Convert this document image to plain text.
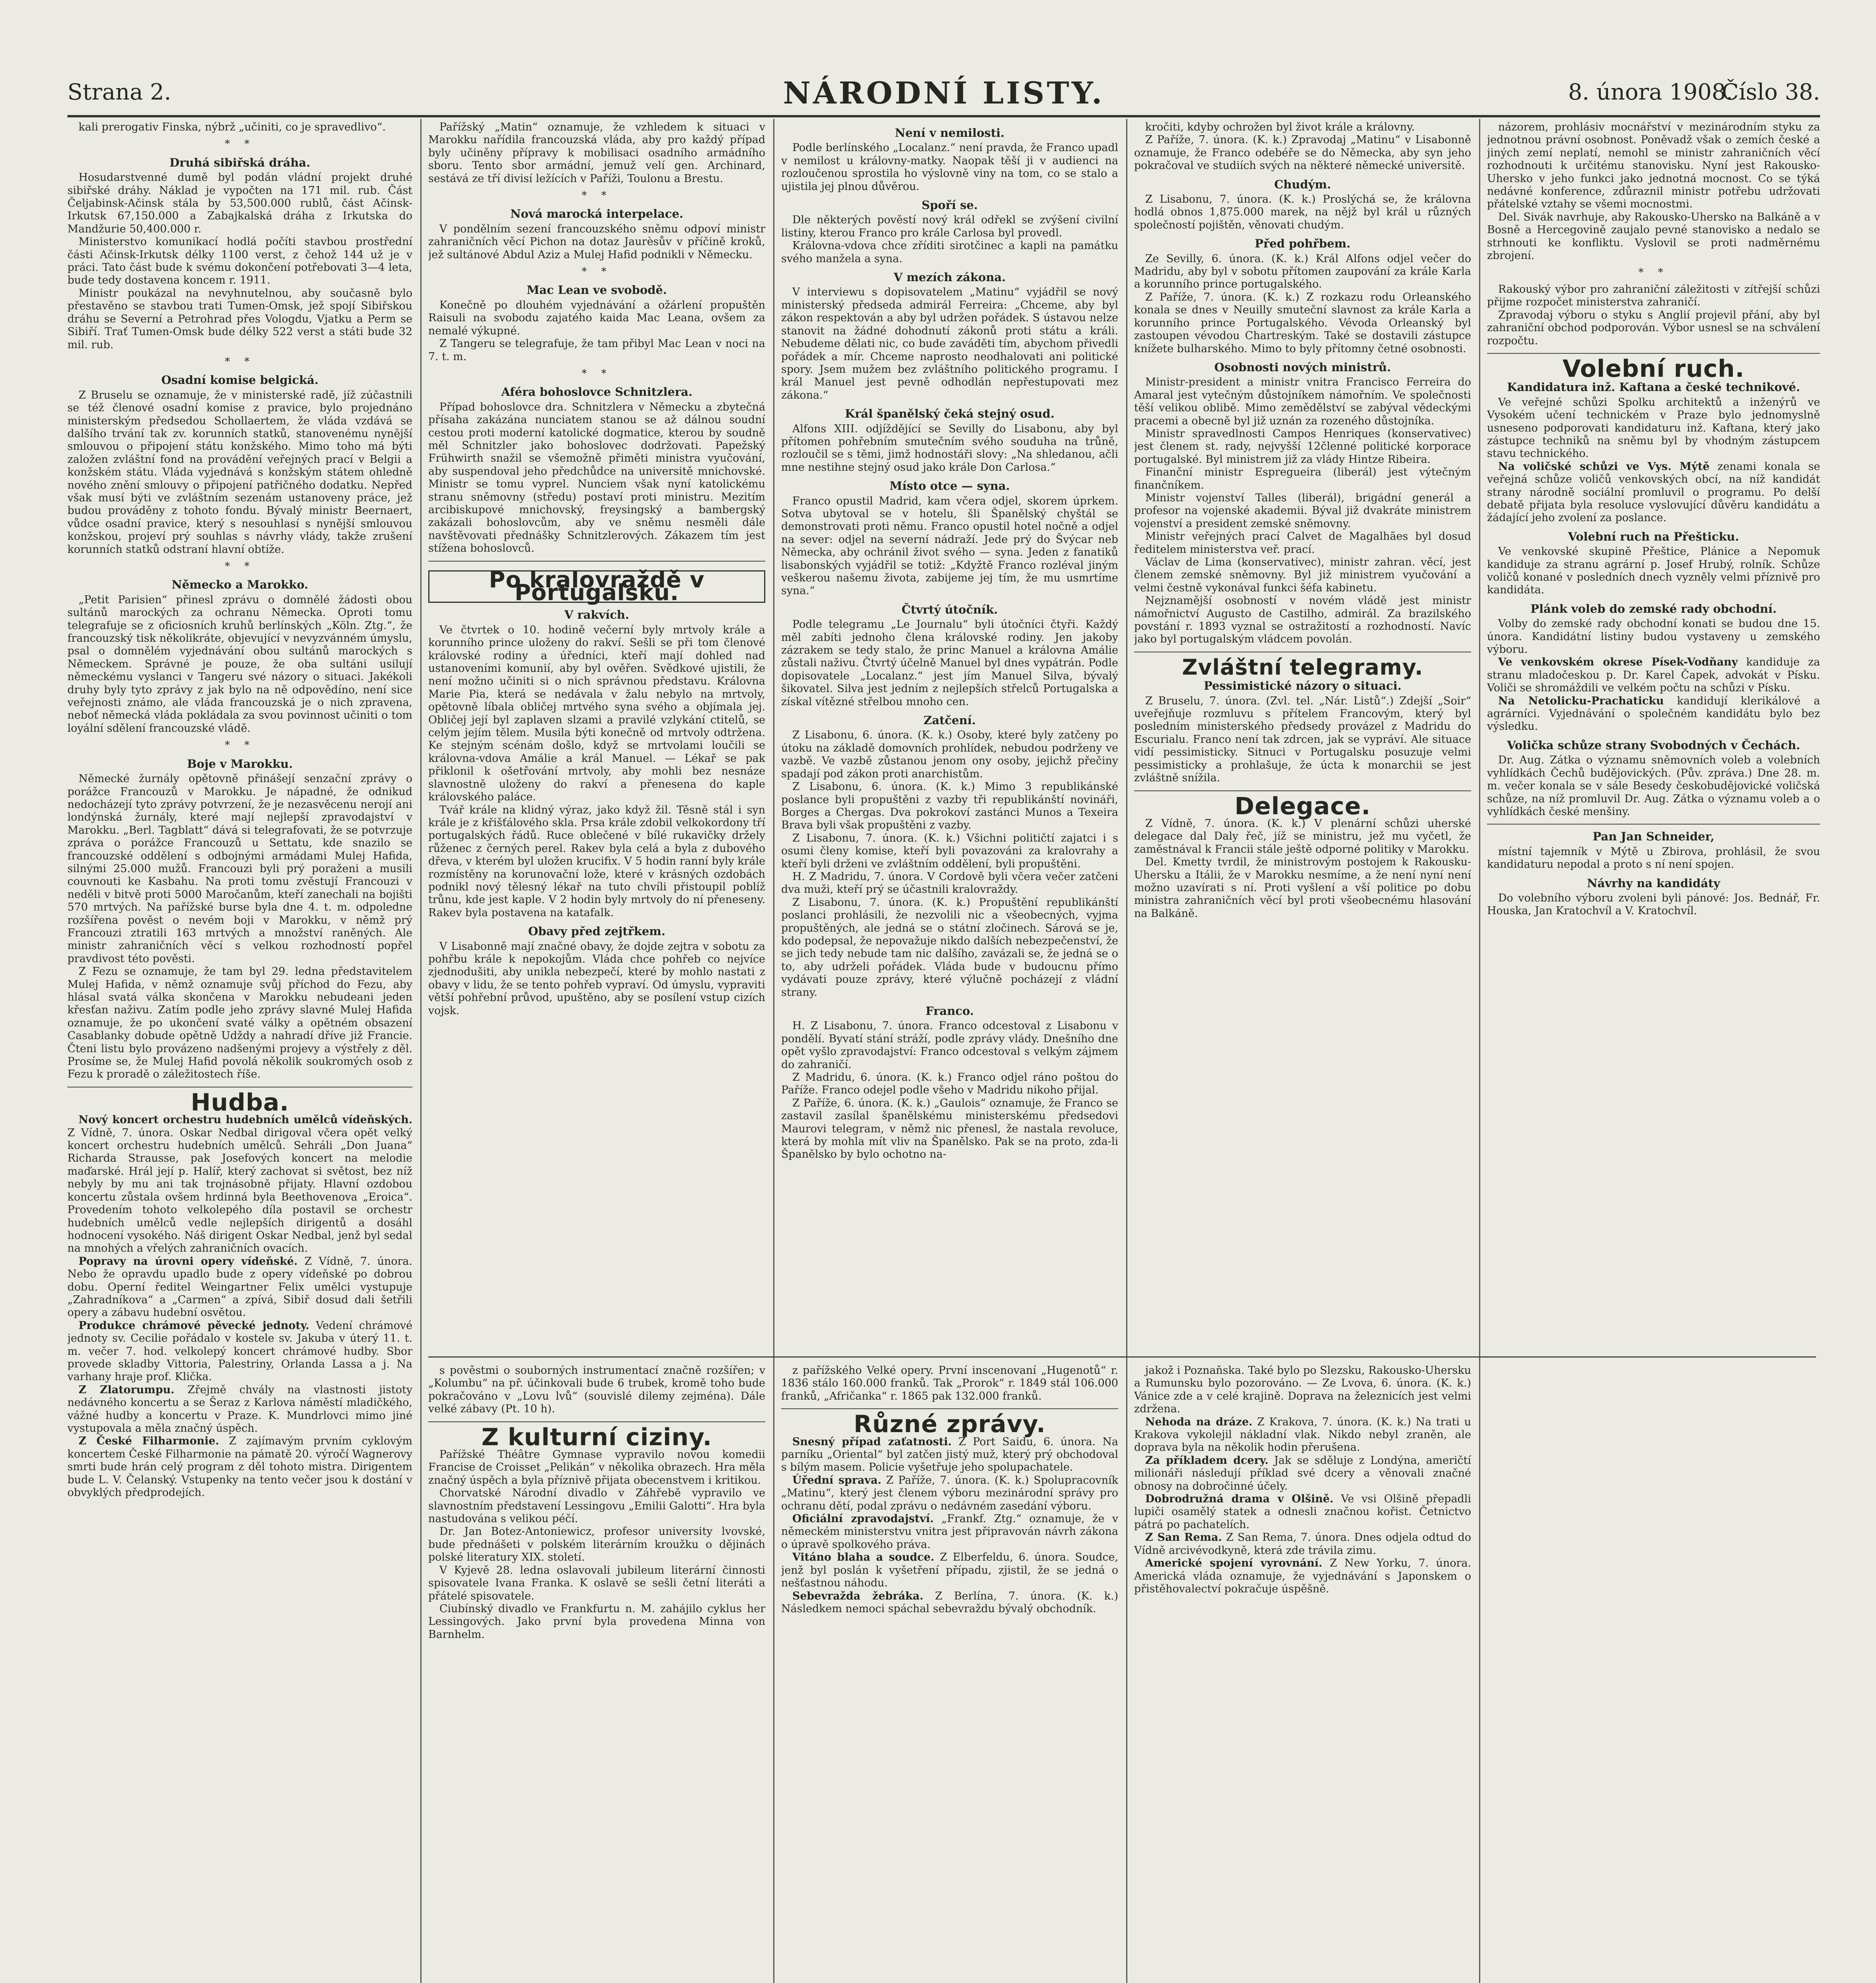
Strana 2.	NÁRODNÍ LISTY.	8. února 1908.
Číslo 38.

kali prerogativ Finska, nýbrž „učiniti, co je spravedlivo“.

* *
Druhá sibiřská dráha.

Hosudarstvenné dumě byl podán vládní projekt druhé sibiřské dráhy. Náklad je vypočten na 171 mil. rub. Část Čeljabinsk-Ačinsk stála by 53,500.000 rublů, část Ačinsk-Irkutsk 67,150.000 a Zabajkalská dráha z Irkutska do Mandžurie 50,400.000 r.

Ministerstvo komunikací hodlá počíti stavbou prostřední části Ačinsk-Irkutsk délky 1100 verst, z čehož 144 už je v práci. Tato část bude k svému dokončení potřebovati 3—4 leta, bude tedy dostavena koncem r. 1911.

Ministr poukázal na nevyhnutelnou, aby současně bylo přestavěno se stavbou trati Tumen-Omsk, jež spojí Sibiřskou dráhu se Severní a Petrohrad přes Vologdu, Vjatku a Perm se Sibiří. Trať Tumen-Omsk bude délky 522 verst a státi bude 32 mil. rub.

* *
Osadní komise belgická.

Z Bruselu se oznamuje, že v ministerské radě, jíž zúčastnili se též členové osadní komise z pravice, bylo projednáno ministerským předsedou Schollaertem, že vláda vzdává se dalšího trvání tak zv. korunních statků, stanovenému nynější smlouvou o připojení státu konžského. Mimo toho má býti založen zvláštní fond na provádění veřejných prací v Belgii a konžském státu. Vláda vyjednává s konžským státem ohledně nového znění smlouvy o připojení patřičného dodatku. Nepřed však musí býti ve zvláštním sezenám ustanoveny práce, jež budou prováděny z tohoto fondu. Bývalý ministr Beernaert, vůdce osadní pravice, který s nesouhlasí s nynější smlouvou konžskou, projeví prý souhlas s návrhy vlády, takže zrušení korunních statků odstraní hlavní obtíže.

* *
Německo a Marokko.

„Petit Parisien“ přinesl zprávu o domnělé žádosti obou sultánů marockých za ochranu Německa. Oproti tomu telegrafuje se z oficiosních kruhů berlínských „Köln. Ztg.“, že francouzský tisk několikráte, objevující v nevyzvánném úmyslu, psal o domnělém vyjednávání obou sultánů marockých s Německem. Správné je pouze, že oba sultáni usilují německému vyslanci v Tangeru své názory o situaci. Jakékoli druhy byly tyto zprávy z jak bylo na ně odpovědíno, není sice veřejnosti známo, ale vláda francouzská je o nich zpravena, neboť německá vláda pokládala za svou povinnost učiniti o tom loyální sdělení francouzské vládě.

* *
Boje v Marokku.

Německé žurnály opětovně přinášejí senzační zprávy o porážce Francouzů v Marokku. Je nápadné, že odnikud nedocházejí tyto zprávy potvrzení, že je nezasvěcenu nerojí ani londýnská žurnály, které mají nejlepší zpravodajství v Marokku. „Berl. Tagblatt“ dává si telegrafovati, že se potvrzuje zpráva o porážce Francouzů u Settatu, kde snazilo se francouzské oddělení s odbojnými armádami Mulej Hafida, silnými 25.000 mužů. Francouzi byli prý poraženi a musili couvnouti ke Kasbahu. Na proti tomu zvěstují Francouzi v neděli v bitvě proti 5000 Maročanům, kteří zanechali na bojišti 570 mrtvých. Na pařížské burse byla dne 4. t. m. odpoledne rozšířena pověst o nevém boji v Marokku, v němž prý Francouzi ztratili 163 mrtvých a množství raněných. Ale ministr zahraničních věcí s velkou rozhodností popřel pravdivost této pověsti.

Z Fezu se oznamuje, že tam byl 29. ledna představitelem Mulej Hafida, v němž oznamuje svůj příchod do Fezu, aby hlásal svatá válka skončena v Marokku nebudeani jeden křesťan naživu. Zatím podle jeho zprávy slavné Mulej Hafida oznamuje, že po ukončení svaté války a opětném obsazení Casablanky dobude opětně Udždy a nahradí dříve již Francie. Čteni listu bylo provázeno nadšenými projevy a výstřely z děl. Prosíme se, že Mulej Hafid povolá několik soukromých osob z Fezu k proradě o záležitostech říše.

Hudba.

Nový koncert orchestru hudebních umělců vídeňských. Z Vídně, 7. února. Oskar Nedbal dirigoval včera opět velký koncert orchestru hudebních umělců. Sehráli „Don Juana“ Richarda Strausse, pak Josefových koncert na melodie maďarské. Hrál její p. Halíř, který zachovat si světost, bez níž nebyly by mu ani tak trojnásobně přijaty. Hlavní ozdobou koncertu zůstala ovšem hrdinná byla Beethovenova „Eroica“. Provedením tohoto velkolepého díla postavil se orchestr hudebních umělců vedle nejlepších dirigentů a dosáhl hodnocení vysokého. Náš dirigent Oskar Nedbal, jenž byl sedal na mnohých a vřelých zahraničních ovacích.

Popravy na úrovni opery vídeňské. Z Vídně, 7. února. Nebo že opravdu upadlo bude z opery vídeňské po dobrou dobu. Operní ředitel Weingartner Felix umělci vystupuje „Zahradníkova“ a „Carmen“ a zpívá, Sibiř dosud dali šetřili opery a zábavu hudební osvětou.

Produkce chrámové pěvecké jednoty. Vedení chrámové jednoty sv. Cecilie pořádalo v kostele sv. Jakuba v úterý 11. t. m. večer 7. hod. velkolepý koncert chrámové hudby. Sbor provede skladby Vittoria, Palestriny, Orlanda Lassa a j. Na varhany hraje prof. Klička.

Z Zlatorumpu. Zřejmě chvály na vlastnosti jistoty nedávného koncertu a se Šeraz z Karlova náměstí mladičkého, vážné hudby a koncertu v Praze. K. Mundrlovci mimo jiné vystupovala a měla značný úspěch.

Z České Filharmonie. Z zajímavým prvním cyklovým koncertem České Filharmonie na pámatě 20. výročí Wagnerovy smrti bude hrán celý program z děl tohoto mistra. Dirigentem bude L. V. Čelanský. Vstupenky na tento večer jsou k dostání v obvyklých předprodejích.

Pařížský „Matin“ oznamuje, že vzhledem k situaci v Marokku nařídila francouzská vláda, aby pro každý případ byly učiněny přípravy k mobilisaci osadního armádního sboru. Tento sbor armádní, jemuž velí gen. Archinard, sestává ze tří divisí ležících v Paříži, Toulonu a Brestu.

* *
Nová marocká interpelace.

V pondělním sezení francouzského sněmu odpoví ministr zahraničních věcí Pichon na dotaz Jaurèsův v příčině kroků, jež sultánové Abdul Aziz a Mulej Hafid podnikli v Německu.

* *
Mac Lean ve svobodě.

Konečně po dlouhém vyjednávání a ožárlení propuštěn Raisuli na svobodu zajatého kaida Mac Leana, ovšem za nemalé výkupné.

Z Tangeru se telegrafuje, že tam přibyl Mac Lean v noci na 7. t. m.

* *
Aféra bohoslovce Schnitzlera.

Případ bohoslovce dra. Schnitzlera v Německu a zbytečná přísaha zakázána nunciatem stanou se až dálnou soudní cestou proti moderní katolické dogmatice, kterou by soudně měl Schnitzler jako bohoslovec dodržovati. Papežský Frühwirth snažil se všemožně přiměti ministra vyučování, aby suspendoval jeho předchůdce na universitě mnichovské. Ministr se tomu vyprel. Nunciem však nyní katolickému stranu sněmovny (středu) postaví proti ministru. Mezitím arcibiskupové mnichovský, freysingský a bambergský zakázali bohoslovcům, aby ve sněmu nesměli dále navštěvovati přednášky Schnitzlerových. Zákazem tím jest stížena bohoslovců.

Po kralovraždě v Portugalsku.
V rakvích.

Ve čtvrtek o 10. hodině večerní byly mrtvoly krále a korunního prince uloženy do rakví. Sešli se při tom členové královské rodiny a úředníci, kteří mají dohled nad ustanoveními komunií, aby byl ověřen. Svědkové ujistili, že není možno učiniti si o nich správnou představu. Královna Marie Pia, která se nedávala v žalu nebylo na mrtvoly, opětovně líbala obličej mrtvého syna svého a objímala jej. Obličej její byl zaplaven slzami a pravilé vzlykání ctitelů, se celým jejím tělem. Musila býti konečně od mrtvoly odtržena. Ke stejným scénám došlo, když se mrtvolami loučili se královna-vdova Amálie a král Manuel. — Lékař se pak přiklonil k ošetřování mrtvoly, aby mohli bez nesnáze slavnostně uloženy do rakví a přenesena do kaple královského paláce.

Tvář krále na klidný výraz, jako když žil. Těsně stál i syn krále je z křišťálového skla. Prsa krále zdobil velkokordony tří portugalských řádů. Ruce oblečené v bílé rukavičky držely růženec z černých perel. Rakev byla celá a byla z dubového dřeva, v kterém byl uložen krucifix. V 5 hodin ranní byly krále rozmístěny na korunovační lože, které v krásných ozdobách podnikl nový tělesný lékař na tuto chvíli přistoupil poblíž trůnu, kde jest kaple. V 2 hodin byly mrtvoly do ní přeneseny. Rakev byla postavena na katafalk.

Obavy před zejtřkem.

V Lisabonně mají značné obavy, že dojde zejtra v sobotu za pohřbu krále k nepokojům. Vláda chce pohřeb co nejvíce zjednodušiti, aby unikla nebezpečí, které by mohlo nastati z obavy v lidu, že se tento pohřeb vypraví. Od úmyslu, vypraviti větší pohřební průvod, upuštěno, aby se posílení vstup cizích vojsk.

Není v nemilosti.

Podle berlínského „Localanz.“ není pravda, že Franco upadl v nemilost u královny-matky. Naopak těší ji v audienci na rozloučenou sprostila ho výslovně viny na tom, co se stalo a ujistila jej plnou důvěrou.

Spoří se.

Dle některých pověstí nový král odřekl se zvýšení civilní listiny, kterou Franco pro krále Carlosa byl provedl.

Královna-vdova chce zříditi sirotčinec a kapli na památku svého manžela a syna.

V mezích zákona.

V interviewu s dopisovatelem „Matinu“ vyjádřil se nový ministerský předseda admirál Ferreira: „Chceme, aby byl zákon respektován a aby byl udržen pořádek. S ústavou nelze stanovit na žádné dohodnutí zákonů proti státu a králi. Nebudeme dělati nic, co bude zaváděti tím, abychom přivedli pořádek a mír. Chceme naprosto neodhalovati ani politické spory. Jsem mužem bez zvláštního politického programu. I král Manuel jest pevně odhodlán nepřestupovati mez zákona.“

Král španělský čeká stejný osud.

Alfons XIII. odjíždějící se Sevilly do Lisabonu, aby byl přítomen pohřebním smutečním svého souduha na trůně, rozloučil se s těmi, jimž hodnostáři slovy: „Na shledanou, ačli mne nestihne stejný osud jako krále Don Carlosa.“

Místo otce — syna.

Franco opustil Madrid, kam včera odjel, skorem úprkem. Sotva ubytoval se v hotelu, šli Španělský chyštál se demonstrovati proti němu. Franco opustil hotel nočně a odjel na sever: odjel na severní nádraží. Jede prý do Švýcar neb Německa, aby ochránil život svého — syna. Jeden z fanatiků lisabonských vyjádřil se totiž: „Kdyžtě Franco rozléval jiným veškerou našemu života, zabijeme jej tím, že mu usmrtíme syna.“

Čtvrtý útočník.

Podle telegramu „Le Journalu“ byli útočníci čtyři. Každý měl zabíti jednoho člena královské rodiny. Jen jakoby zázrakem se tedy stalo, že princ Manuel a královna Amálie zůstali naživu. Čtvrtý účelně Manuel byl dnes vypátrán. Podle dopisovatele „Localanz.“ jest jím Manuel Silva, bývalý šikovatel. Silva jest jedním z nejlepších střelců Portugalska a získal vítězné střelbou mnoho cen.

Zatčení.

Z Lisabonu, 6. února. (K. k.) Osoby, které byly zatčeny po útoku na základě domovních prohlídek, nebudou podrženy ve vazbě. Ve vazbě zůstanou jenom ony osoby, jejichž přečiny spadají pod zákon proti anarchistům.

Z Lisabonu, 6. února. (K. k.) Mimo 3 republikánské poslance byli propuštěni z vazby tři republikánští novináři, Borges a Chergas. Dva pokrokoví zastánci Munos a Texeira Brava byli však propuštěni z vazby.

Z Lisabonu, 7. února. (K. k.) Všichni političtí zajatci i s osumi členy komise, kteří byli povazováni za kralovrahy a kteří byli drženi ve zvláštním oddělení, byli propuštěni.

H. Z Madridu, 7. února. V Cordově byli včera večer zatčeni dva muži, kteří prý se účastnili kralovraždy.

Z Lisabonu, 7. února. (K. k.) Propuštění republikánští poslanci prohlásili, že nezvolili nic a všeobecných, vyjma propuštěných, ale jedná se o státní zločinech. Sárová se je, kdo podepsal, že nepovažuje nikdo dalších nebezpečenství, že se jich tedy nebude tam nic dalšího, zavázali se, že jedná se o to, aby udrželi pořádek. Vláda bude v budoucnu přímo vydávati pouze zprávy, které výlučně pocházejí z vládní strany.

Franco.

H. Z Lisabonu, 7. února. Franco odcestoval z Lisabonu v pondělí. Byvatí stání stráží, podle zprávy vlády. Dnešního dne opět vyšlo zpravodajství: Franco odcestoval s velkým zájmem do zahraničí.

Z Madridu, 6. února. (K. k.) Franco odjel ráno poštou do Paříže. Franco odejel podle všeho v Madridu nikoho přijal.

Z Paříže, 6. února. (K. k.) „Gaulois“ oznamuje, že Franco se zastavil zasílal španělskému ministerskému předsedovi Maurovi telegram, v němž nic přenesl, že nastala revoluce, která by mohla mít vliv na Španělsko. Pak se na proto, zda-li Španělsko by bylo ochotno na-

kročiti, kdyby ochrožen byl život krále a královny.

Z Paříže, 7. února. (K. k.) Zpravodaj „Matinu“ v Lisabonně oznamuje, že Franco odebéře se do Německa, aby syn jeho pokračoval ve studiích svých na některé německé universitě.

Chudým.

Z Lisabonu, 7. února. (K. k.) Proslýchá se, že královna hodlá obnos 1,875.000 marek, na nějž byl král u různých společností pojištěn, věnovati chudým.

Před pohřbem.

Ze Sevilly, 6. února. (K. k.) Král Alfons odjel večer do Madridu, aby byl v sobotu přítomen zaupování za krále Karla a korunního prince portugalského.

Z Paříže, 7. února. (K. k.) Z rozkazu rodu Orleanského konala se dnes v Neuilly smuteční slavnost za krále Karla a korunního prince Portugalského. Vévoda Orleanský byl zastoupen vévodou Chartreským. Také se dostavili zástupce knížete bulharského. Mimo to byly přítomny četné osobnosti.

Osobnosti nových ministrů.

Ministr-president a ministr vnitra Francisco Ferreira do Amaral jest vytečným důstojníkem námořním. Ve společnosti těší velikou oblibě. Mimo zemědělství se zabýval vědeckými pracemi a obecně byl již uznán za rozeného důstojníka.

Ministr spravedlnosti Campos Henriques (konservativec) jest členem st. rady, nejvyšší 12členné politické korporace portugalské. Byl ministrem již za vlády Hintze Ribeira.

Finanční ministr Espregueira (liberál) jest výtečným finančníkem.

Ministr vojenství Talles (liberál), brigádní generál a profesor na vojenské akademii. Býval již dvakráte ministrem vojenství a president zemské sněmovny.

Ministr veřejných prací Calvet de Magalhães byl dosud ředitelem ministerstva veř. prací.

Václav de Lima (konservativec), ministr zahran. věcí, jest členem zemské sněmovny. Byl již ministrem vyučování a velmi čestně vykonával funkci šéfa kabinetu.

Nejznamější osobností v novém vládě jest ministr námořnictví Augusto de Castilho, admirál. Za brazilského povstání r. 1893 vyznal se ostražitostí a rozhodností. Navíc jako byl portugalským vládcem povolán.

Zvláštní telegramy.
Pessimistické názory o situaci.

Z Bruselu, 7. února. (Zvl. tel. „Nár. Listů“.) Zdejší „Soir“ uveřejňuje rozmluvu s přítelem Francovým, který byl posledním ministerského předsedy provázel z Madridu do Escurialu. Franco není tak zdrcen, jak se vypráví. Ale situace vidí pessimisticky. Sitnuci v Portugalsku posuzuje velmi pessimisticky a prohlašuje, že úcta k monarchii se jest zvláštně snížila.

Delegace.

Z Vídně, 7. února. (K. k.) V plenární schůzi uherské delegace dal Daly řeč, jíž se ministru, jež mu vyčetl, že zaměstnával k Francii stále ještě odporné politiky v Marokku.

Del. Kmetty tvrdil, že ministrovým postojem k Rakousku-Uhersku a Itálii, že v Marokku nesmíme, a že není nyní není možno uzavírati s ní. Proti vyšlení a vší politice po dobu ministra zahraničních věcí byl proti všeobecnému hlasování na Balkáně.

názorem, prohlásiv mocnářství v mezinárodním styku za jednotnou právní osobnost. Poněvadž však o zemích české a jiných zemí neplatí, nemohl se ministr zahraničních věcí rozhodnouti k určitému stanovisku. Nyní jest Rakousko-Uhersko v jeho funkci jako jednotná mocnost. Co se týká nedávné konference, zdůraznil ministr potřebu udržovati přátelské vztahy se všemi mocnostmi.

Del. Sivák navrhuje, aby Rakousko-Uhersko na Balkáně a v Bosně a Hercegovině zaujalo pevné stanovisko a nedalo se strhnouti ke konfliktu. Vyslovil se proti nadměrnému zbrojení.

* *

Rakouský výbor pro zahraniční záležitosti v zítřejší schůzi přijme rozpočet ministerstva zahraničí.

Zpravodaj výboru o styku s Anglií projevil přání, aby byl zahraniční obchod podporován. Výbor usnesl se na schválení rozpočtu.

Volební ruch.
Kandidatura inž. Kaftana a české technikové.

Ve veřejné schůzi Spolku architektů a inženýrů ve Vysokém učení technickém v Praze bylo jednomyslně usneseno podporovati kandidaturu inž. Kaftana, který jako zástupce techniků na sněmu byl by vhodným zástupcem stavu technického.

Na voličské schůzi ve Vys. Mýtě zenami konala se veřejná schůze voličů venkovských obcí, na níž kandidát strany národně sociální promluvil o programu. Po delší debatě přijata byla resoluce vyslovující důvěru kandidátu a žádající jeho zvolení za poslance.

Volební ruch na Přešticku.

Ve venkovské skupině Přeštice, Plánice a Nepomuk kandiduje za stranu agrární p. Josef Hrubý, rolník. Schůze voličů konané v posledních dnech vyzněly velmi příznivě pro kandidáta.

Plánk voleb do zemské rady obchodní.

Volby do zemské rady obchodní konati se budou dne 15. února. Kandidátní listiny budou vystaveny u zemského výboru.

Ve venkovském okrese Písek-Vodňany kandiduje za stranu mladočeskou p. Dr. Karel Čapek, advokát v Písku. Voliči se shromáždili ve velkém počtu na schůzi v Písku.

Na Netolicku-Prachaticku kandidují klerikálové a agrárníci. Vyjednávání o společném kandidátu bylo bez výsledku.

Volička schůze strany Svobodných v Čechách.

Dr. Aug. Zátka o významu sněmovních voleb a volebních vyhlídkách Čechů budějovických. (Pův. zpráva.) Dne 28. m. m. večer konala se v sále Besedy českobudějovické voličská schůze, na níž promluvil Dr. Aug. Zátka o významu voleb a o vyhlídkách české menšiny.

Pan Jan Schneider,

místní tajemník v Mýtě u Zbirova, prohlásil, že svou kandidaturu nepodal a proto s ní není spojen.

Návrhy na kandidáty

Do volebního výboru zvoleni byli pánové: Jos. Bednář, Fr. Houska, Jan Kratochvíl a V. Kratochvíl.

s pověstmi o souborných instrumentací značně rozšířen; v „Kolumbu“ na př. účinkovali bude 6 trubek, kromě toho bude pokračováno v „Lovu lvů“ (souvislé dilemy zejména). Dále velké zábavy (Pt. 10 h).

Z kulturní ciziny.

Pařížské Théâtre Gymnase vypravilo novou komedii Francise de Croisset „Pelikán“ v několika obrazech. Hra měla značný úspěch a byla příznivě přijata obecenstvem i kritikou.

Chorvatské Národní divadlo v Záhřebě vypravilo ve slavnostním představení Lessingovu „Emilii Galotti“. Hra byla nastudována s velikou péčí.

Dr. Jan Botez-Antoniewicz, profesor university lvovské, bude přednášeti v polském literárním kroužku o dějinách polské literatury XIX. století.

V Kyjevě 28. ledna oslavovali jubileum literární činnosti spisovatele Ivana Franka. K oslavě se sešli četní literáti a přátelé spisovatele.

Ciubínský divadlo ve Frankfurtu n. M. zahájilo cyklus her Lessingových. Jako první byla provedena Minna von Barnhelm.

z pařížského Velké opery. První inscenovaní „Hugenotů“ r. 1836 stálo 160.000 franků. Tak „Prorok“ r. 1849 stál 106.000 franků, „Afričanka“ r. 1865 pak 132.000 franků.

Různé zprávy.

Snesný případ zaťatnosti. Z Port Saidu, 6. února. Na parníku „Oriental“ byl zatčen jistý muž, který prý obchodoval s bílým masem. Policie vyšetřuje jeho spolupachatele.

Úřední sprava. Z Paříže, 7. února. (K. k.) Spolupracovník „Matinu“, který jest členem výboru mezinárodní správy pro ochranu dětí, podal zprávu o nedávném zasedání výboru.

Oficiální zpravodajství. „Frankf. Ztg.“ oznamuje, že v německém ministerstvu vnitra jest připravován návrh zákona o úpravě spolkového práva.

Vitáno blaha a soudce. Z Elberfeldu, 6. února. Soudce, jenž byl poslán k vyšetření případu, zjistil, že se jedná o nešťastnou náhodu.

Sebevražda žebráka. Z Berlína, 7. února. (K. k.) Následkem nemoci spáchal sebevraždu bývalý obchodník.

jakož i Poznaňska. Také bylo po Slezsku, Rakousko-Uhersku a Rumunsku bylo pozorováno. — Ze Lvova, 6. února. (K. k.) Vánice zde a v celé krajině. Doprava na železnicích jest velmi zdržena.

Nehoda na dráze. Z Krakova, 7. února. (K. k.) Na trati u Krakova vykolejil nákladní vlak. Nikdo nebyl zraněn, ale doprava byla na několik hodin přerušena.

Za příkladem dcery. Jak se sděluje z Londýna, američtí milionáři následují příklad své dcery a věnovali značné obnosy na dobročinné účely.

Dobrodružná drama v Olšině. Ve vsi Olšině přepadli lupiči osamělý statek a odnesli značnou kořist. Četnictvo pátrá po pachatelích.

Z San Rema. Z San Rema, 7. února. Dnes odjela odtud do Vídně arcivévodkyně, která zde trávila zimu.

Americké spojení vyrovnání. Z New Yorku, 7. února. Americká vláda oznamuje, že vyjednávání s Japonskem o přistěhovalectví pokračuje úspěšně.
